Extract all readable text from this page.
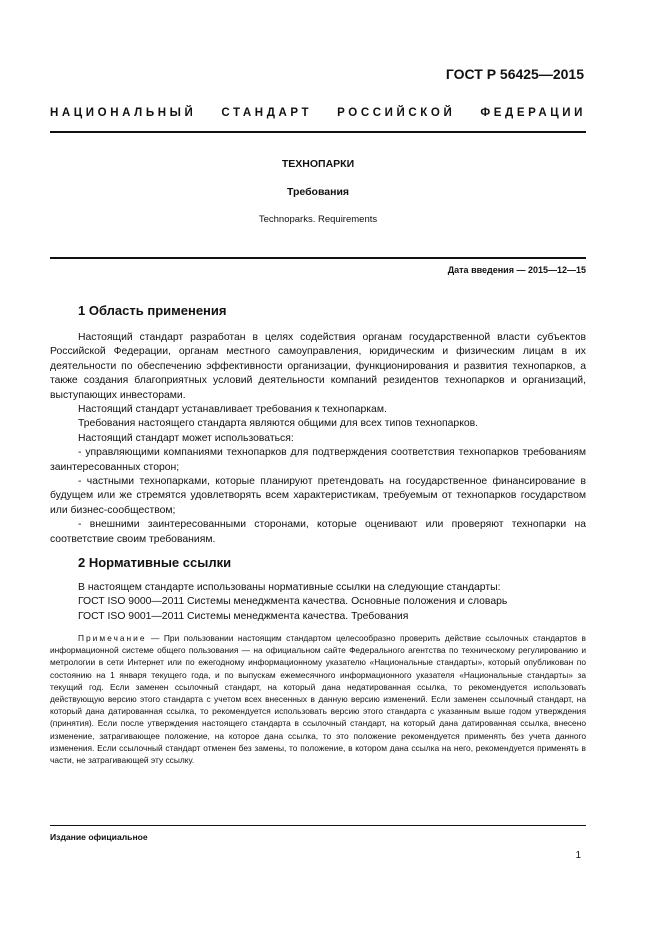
ГОСТ Р 56425—2015
НАЦИОНАЛЬНЫЙ СТАНДАРТ РОССИЙСКОЙ ФЕДЕРАЦИИ
ТЕХНОПАРКИ
Требования
Technoparks. Requirements
Дата введения — 2015—12—15
1 Область применения

Настоящий стандарт разработан в целях содействия органам государственной власти субъектов Российской Федерации, органам местного самоуправления, юридическим и физическим лицам в их деятельности по обеспечению эффективности организации, функционирования и развития технопарков, а также создания благоприятных условий деятельности компаний резидентов технопарков и организаций, выступающих инвесторами.

Настоящий стандарт устанавливает требования к технопаркам.

Требования настоящего стандарта являются общими для всех типов технопарков.

Настоящий стандарт может использоваться:

- управляющими компаниями технопарков для подтверждения соответствия технопарков требованиям заинтересованных сторон;

- частными технопарками, которые планируют претендовать на государственное финансирование в будущем или же стремятся удовлетворять всем характеристикам, требуемым от технопарков государством или бизнес-сообществом;

- внешними заинтересованными сторонами, которые оценивают или проверяют технопарки на соответствие своим требованиям.

2 Нормативные ссылки

В настоящем стандарте использованы нормативные ссылки на следующие стандарты:

ГОСТ ISO 9000—2011 Системы менеджмента качества. Основные положения и словарь

ГОСТ ISO 9001—2011 Системы менеджмента качества. Требования

Примечание — При пользовании настоящим стандартом целесообразно проверить действие ссылочных стандартов в информационной системе общего пользования — на официальном сайте Федерального агентства по техническому регулированию и метрологии в сети Интернет или по ежегодному информационному указателю «Национальные стандарты», который опубликован по состоянию на 1 января текущего года, и по выпускам ежемесячного информационного указателя «Национальные стандарты» за текущий год. Если заменен ссылочный стандарт, на который дана недатированная ссылка, то рекомендуется использовать действующую версию этого стандарта с учетом всех внесенных в данную версию изменений. Если заменен ссылочный стандарт, на который дана датированная ссылка, то рекомендуется использовать версию этого стандарта с указанным выше годом утверждения (принятия). Если после утверждения настоящего стандарта в ссылочный стандарт, на который дана датированная ссылка, внесено изменение, затрагивающее положение, на которое дана ссылка, то это положение рекомендуется применять без учета данного изменения. Если ссылочный стандарт отменен без замены, то положение, в котором дана ссылка на него, рекомендуется применять в части, не затрагивающей эту ссылку.

Издание официальное
1
